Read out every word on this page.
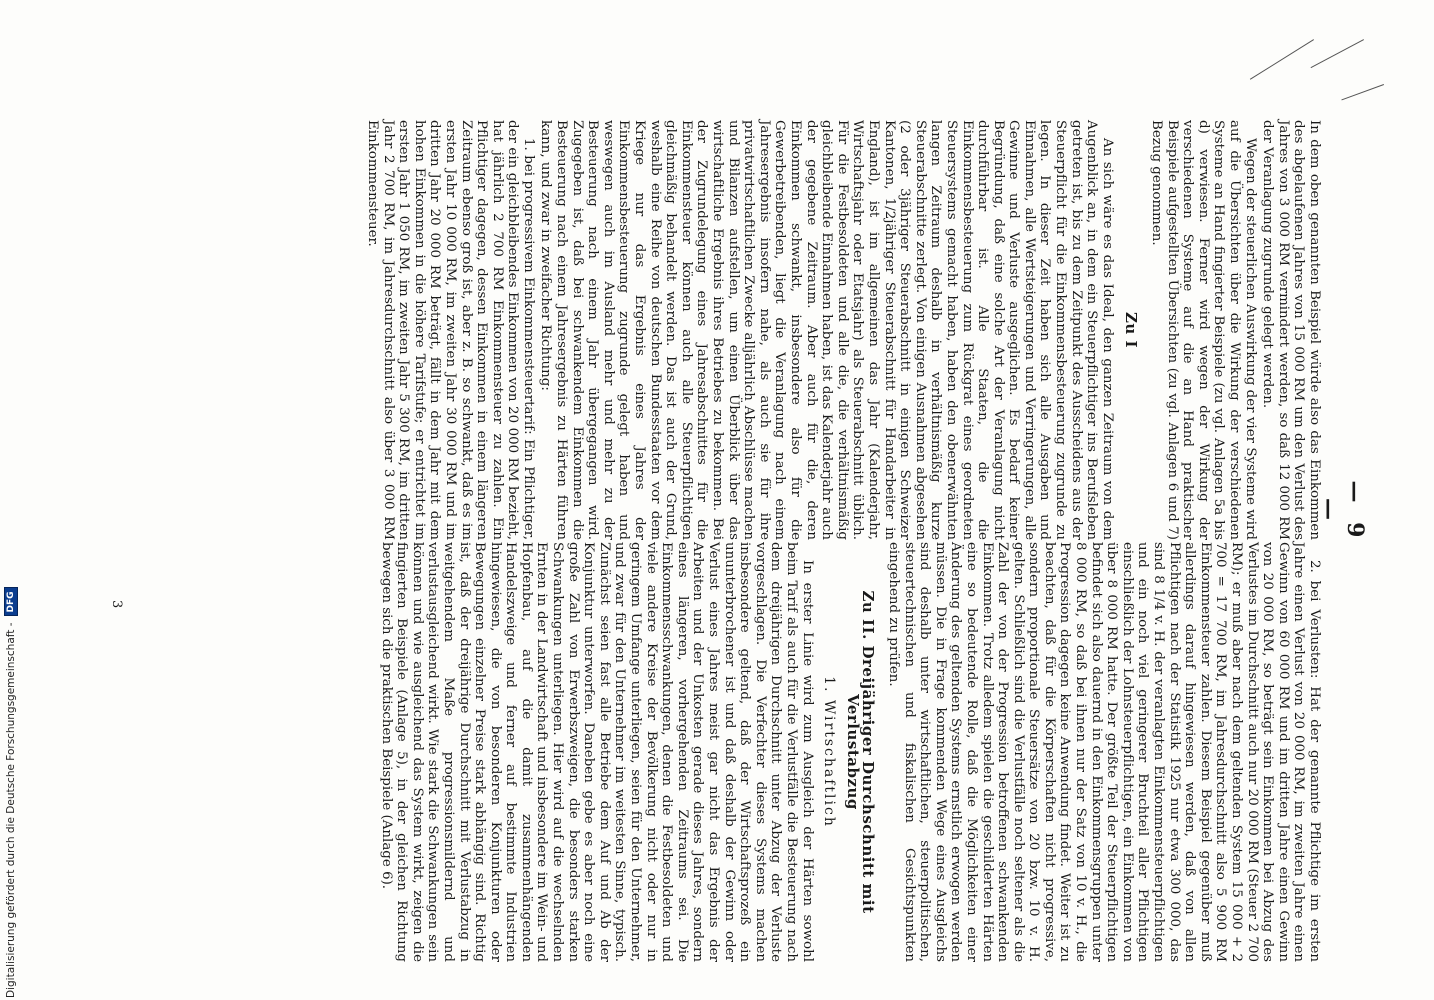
— 9 —

In dem oben genannten Beispiel würde also das Einkommen des abgelaufenen Jahres von 15 000 RM um den Verlust des Jahres von 3 000 RM vermindert werden, so daß 12 000 RM der Veranlagung zugrunde gelegt werden.

Wegen der steuerlichen Auswirkung der vier Systeme wird auf die Übersichten über die Wirkung der verschiedenen Systeme an Hand fingierter Beispiele (zu vgl. Anlagen 5a bis d) verwiesen. Ferner wird wegen der Wirkung der verschiedenen Systeme auf die an Hand praktischer Beispiele aufgestellten Übersichten (zu vgl. Anlagen 6 und 7) Bezug genommen.

Zu I

An sich wäre es das Ideal, den ganzen Zeitraum von dem Augenblick an, in dem ein Steuerpflichtiger ins Berufsleben getreten ist, bis zu dem Zeitpunkt des Ausscheidens aus der Steuerpflicht für die Einkommensbesteuerung zugrunde zu legen. In dieser Zeit haben sich alle Ausgaben und Einnahmen, alle Wertsteigerungen und Verringerungen, alle Gewinne und Verluste ausgeglichen. Es bedarf keiner Begründung, daß eine solche Art der Veranlagung nicht durchführbar ist. Alle Staaten, die die Einkommensbesteuerung zum Rückgrat eines geordneten Steuersystems gemacht haben, haben den obenerwähnten langen Zeitraum deshalb in verhältnismäßig kurze Steuerabschnitte zerlegt. Von einigen Ausnahmen abgesehen (2 oder 3jähriger Steuerabschnitt in einigen Schweizer Kantonen, 1/2jähriger Steuerabschnitt für Handarbeiter in England), ist im allgemeinen das Jahr (Kalenderjahr, Wirtschaftsjahr oder Etatsjahr) als Steuerabschnitt üblich. Für die Festbesoldeten und alle die, die verhältnismäßig gleichbleibende Einnahmen haben, ist das Kalenderjahr auch der gegebene Zeitraum. Aber auch für die, deren Einkommen schwankt, insbesondere also für die Gewerbetreibenden, liegt die Veranlagung nach einem Jahresergebnis insofern nahe, als auch sie für ihre privatwirtschaftlichen Zwecke alljährlich Abschlüsse machen und Bilanzen aufstellen, um einen Überblick über das wirtschaftliche Ergebnis ihres Betriebes zu bekommen. Bei der Zugrundelegung eines Jahresabschnittes für die Einkommensteuer können auch alle Steuerpflichtigen gleichmäßig behandelt werden. Das ist auch der Grund, weshalb eine Reihe von deutschen Bundesstaaten vor dem Kriege nur das Ergebnis eines Jahres der Einkommensbesteuerung zugrunde gelegt haben und weswegen auch im Ausland mehr und mehr zu der Besteuerung nach einem Jahr übergegangen wird. Zugegeben ist, daß bei schwankendem Einkommen die Besteuerung nach einem Jahresergebnis zu Härten führen kann, und zwar in zweifacher Richtung:

1. bei progressivem Einkommensteuertarif: Ein Pflichtiger, der ein gleichbleibendes Einkommen von 20 000 RM bezieht, hat jährlich 2 700 RM Einkommensteuer zu zahlen. Ein Pflichtiger dagegen, dessen Einkommen in einem längeren Zeitraum ebenso groß ist, aber z. B. so schwankt, daß es im ersten Jahr 10 000 RM, im zweiten Jahr 30 000 RM und im dritten Jahr 20 000 RM beträgt, fällt in dem Jahr mit dem hohen Einkommen in die höhere Tarifstufe; er entrichtet im ersten Jahr 1 050 RM, im zweiten Jahr 5 300 RM, im dritten Jahr 2 700 RM, im Jahresdurchschnitt also über 3 000 RM Einkommensteuer.

2. bei Verlusten: Hat der genannte Pflichtige im ersten Jahre einen Verlust von 20 000 RM, im zweiten Jahre einen Gewinn von 60 000 RM und im dritten Jahre einen Gewinn von 20 000 RM, so beträgt sein Einkommen bei Abzug des Verlustes im Durchschnitt auch nur 20 000 RM (Steuer 2 700 RM); er muß aber nach dem geltenden System 15 000 + 2 700 = 17 700 RM, im Jahresdurchschnitt also 5 900 RM Einkommensteuer zahlen. Diesem Beispiel gegenüber muß allerdings darauf hingewiesen werden, daß von allen Pflichtigen nach der Statistik 1925 nur etwa 300 000, das sind 8 1/4 v. H. der veranlagten Einkommensteuerpflichtigen und ein noch viel geringerer Bruchteil aller Pflichtigen einschließlich der Lohnsteuerpflichtigen, ein Einkommen von über 8 000 RM hatte. Der größte Teil der Steuerpflichtigen befindet sich also dauernd in den Einkommensgruppen unter 8 000 RM, so daß bei ihnen nur der Satz von 10 v. H., die Progression dagegen keine Anwendung findet. Weiter ist zu beachten, daß für die Körperschaften nicht progressive, sondern proportionale Steuersätze von 20 bzw. 10 v. H. gelten. Schließlich sind die Verlustfälle noch seltener als die Zahl der von der Progression betroffenen schwankenden Einkommen. Trotz alledem spielen die geschilderten Härten eine so bedeutende Rolle, daß die Möglichkeiten einer Änderung des geltenden Systems ernstlich erwogen werden müssen. Die in Frage kommenden Wege eines Ausgleichs sind deshalb unter wirtschaftlichen, steuerpolitischen, steuertechnischen und fiskalischen Gesichtspunkten eingehend zu prüfen.

Zu II. Dreijähriger Durchschnitt mit Verlustabzug
1. Wirtschaftlich

In erster Linie wird zum Ausgleich der Härten sowohl beim Tarif als auch für die Verlustfälle die Besteuerung nach dem dreijährigen Durchschnitt unter Abzug der Verluste vorgeschlagen. Die Verfechter dieses Systems machen insbesondere geltend, daß der Wirtschaftsprozeß ein ununterbrochener ist und daß deshalb der Gewinn oder Verlust eines Jahres meist gar nicht das Ergebnis der Arbeiten und der Unkosten gerade dieses Jahres, sondern eines längeren, vorhergehenden Zeitraums sei. Die Einkommensschwankungen, denen die Festbesoldeten und viele andere Kreise der Bevölkerung nicht oder nur in geringem Umfange unterliegen, seien für den Unternehmer, und zwar für den Unternehmer im weitesten Sinne, typisch. Zunächst seien fast alle Betriebe dem Auf und Ab der Konjunktur unterworfen. Daneben gebe es aber noch eine große Zahl von Erwerbszweigen, die besonders starken Schwankungen unterliegen. Hier wird auf die wechselnden Ernten in der Landwirtschaft und insbesondere im Wein- und Hopfenbau, auf die damit zusammenhängenden Handelszweige und ferner auf bestimmte Industrien hingewiesen, die von besonderen Konjunkturen oder Bewegungen einzelner Preise stark abhängig sind. Richtig ist, daß der dreijährige Durchschnitt mit Verlustabzug in weitgehendem Maße progressionsmildernd und verlustausgleichend wirkt. Wie stark die Schwankungen sein können und wie ausgleichend das System wirkt, zeigen die fingierten Beispiele (Anlage 5), in der gleichen Richtung bewegen sich die praktischen Beispiele (Anlage 6).

3
Digitalisierung gefördert durch die Deutsche Forschungsgemeinschaft -
DFG
